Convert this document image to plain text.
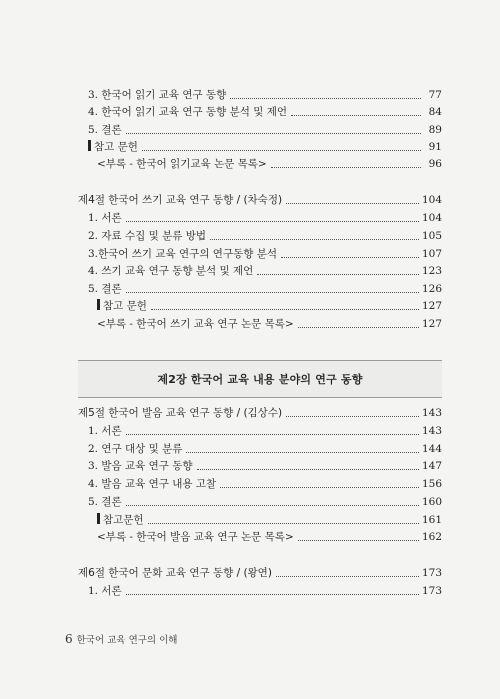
3. 한국어 읽기 교육 연구 동향	77
4. 한국어 읽기 교육 연구 동향 분석 및 제언	84
5. 결론	89
참고 문헌	91
<부록 - 한국어 읽기교육 논문 목록>	96
제4절 한국어 쓰기 교육 연구 동향 / (차숙정)	104
1. 서론	104
2. 자료 수집 및 분류 방법	105
3.한국어 쓰기 교육 연구의 연구동향 분석	107
4. 쓰기 교육 연구 동향 분석 및 제언	123
5. 결론	126
참고 문헌	127
<부록 - 한국어 쓰기 교육 연구 논문 목록>	127
제2장 한국어 교육 내용 분야의 연구 동향
제5절 한국어 발음 교육 연구 동향 / (김상수)	143
1. 서론	143
2. 연구 대상 및 분류	144
3. 발음 교육 연구 동향	147
4. 발음 교육 연구 내용 고찰	156
5. 결론	160
참고문헌	161
<부록 - 한국어 발음 교육 연구 논문 목록>	162
제6절 한국어 문화 교육 연구 동향 / (왕연)	173
1. 서론	173
6 한국어 교육 연구의 이해
